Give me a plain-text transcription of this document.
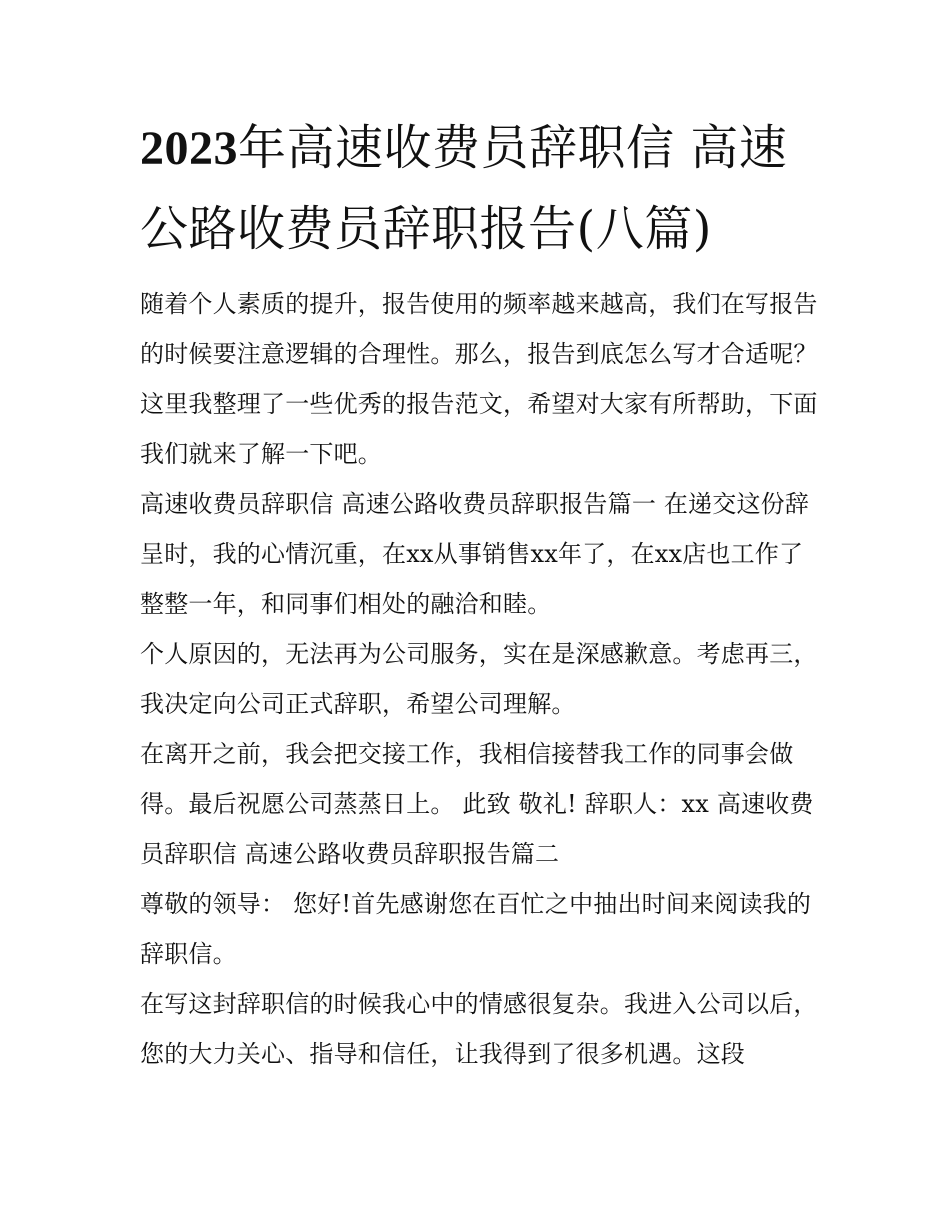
2023年高速收费员辞职信 高速公路收费员辞职报告(八篇)

随着个人素质的提升，报告使用的频率越来越高，我们在写报告的时候要注意逻辑的合理性。那么，报告到底怎么写才合适呢？这里我整理了一些优秀的报告范文，希望对大家有所帮助，下面我们就来了解一下吧。

高速收费员辞职信 高速公路收费员辞职报告篇一 在递交这份辞呈时，我的心情沉重，在xx从事销售xx年了，在xx店也工作了整整一年，和同事们相处的融洽和睦。

个人原因的，无法再为公司服务，实在是深感歉意。考虑再三，我决定向公司正式辞职，希望公司理解。

在离开之前，我会把交接工作，我相信接替我工作的同事会做得。最后祝愿公司蒸蒸日上。 此致 敬礼! 辞职人：xx 高速收费员辞职信 高速公路收费员辞职报告篇二

尊敬的领导： 您好!首先感谢您在百忙之中抽出时间来阅读我的辞职信。

在写这封辞职信的时候我心中的情感很复杂。我进入公司以后，您的大力关心、指导和信任，让我得到了很多机遇。这段
